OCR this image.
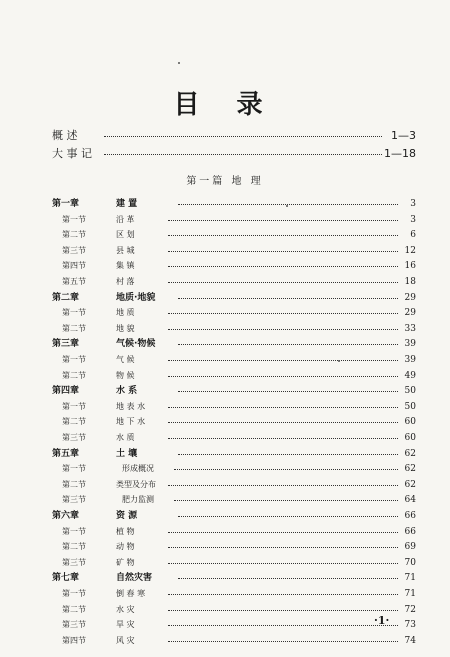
目 录
概 述	1—3
大 事 记	1—18
第一篇 地 理
第一章	建 置	3
第一节	沿 革	3
第二节	区 划	6
第三节	县 城	12
第四节	集 镇	16
第五节	村 落	18
第二章	地质·地貌	29
第一节	地 质	29
第二节	地 貌	33
第三章	气候·物候	39
第一节	气 候	39
第二节	物 候	49
第四章	水 系	50
第一节	地 表 水	50
第二节	地 下 水	60
第三节	水 质	60
第五章	土 壤	62
第一节	形成概况	62
第二节	类型及分布	62
第三节	肥力监测	64
第六章	资 源	66
第一节	植 物	66
第二节	动 物	69
第三节	矿 物	70
第七章	自然灾害	71
第一节	倒 春 寒	71
第二节	水 灾	72
第三节	旱 灾	73
第四节	风 灾	74
·1·
